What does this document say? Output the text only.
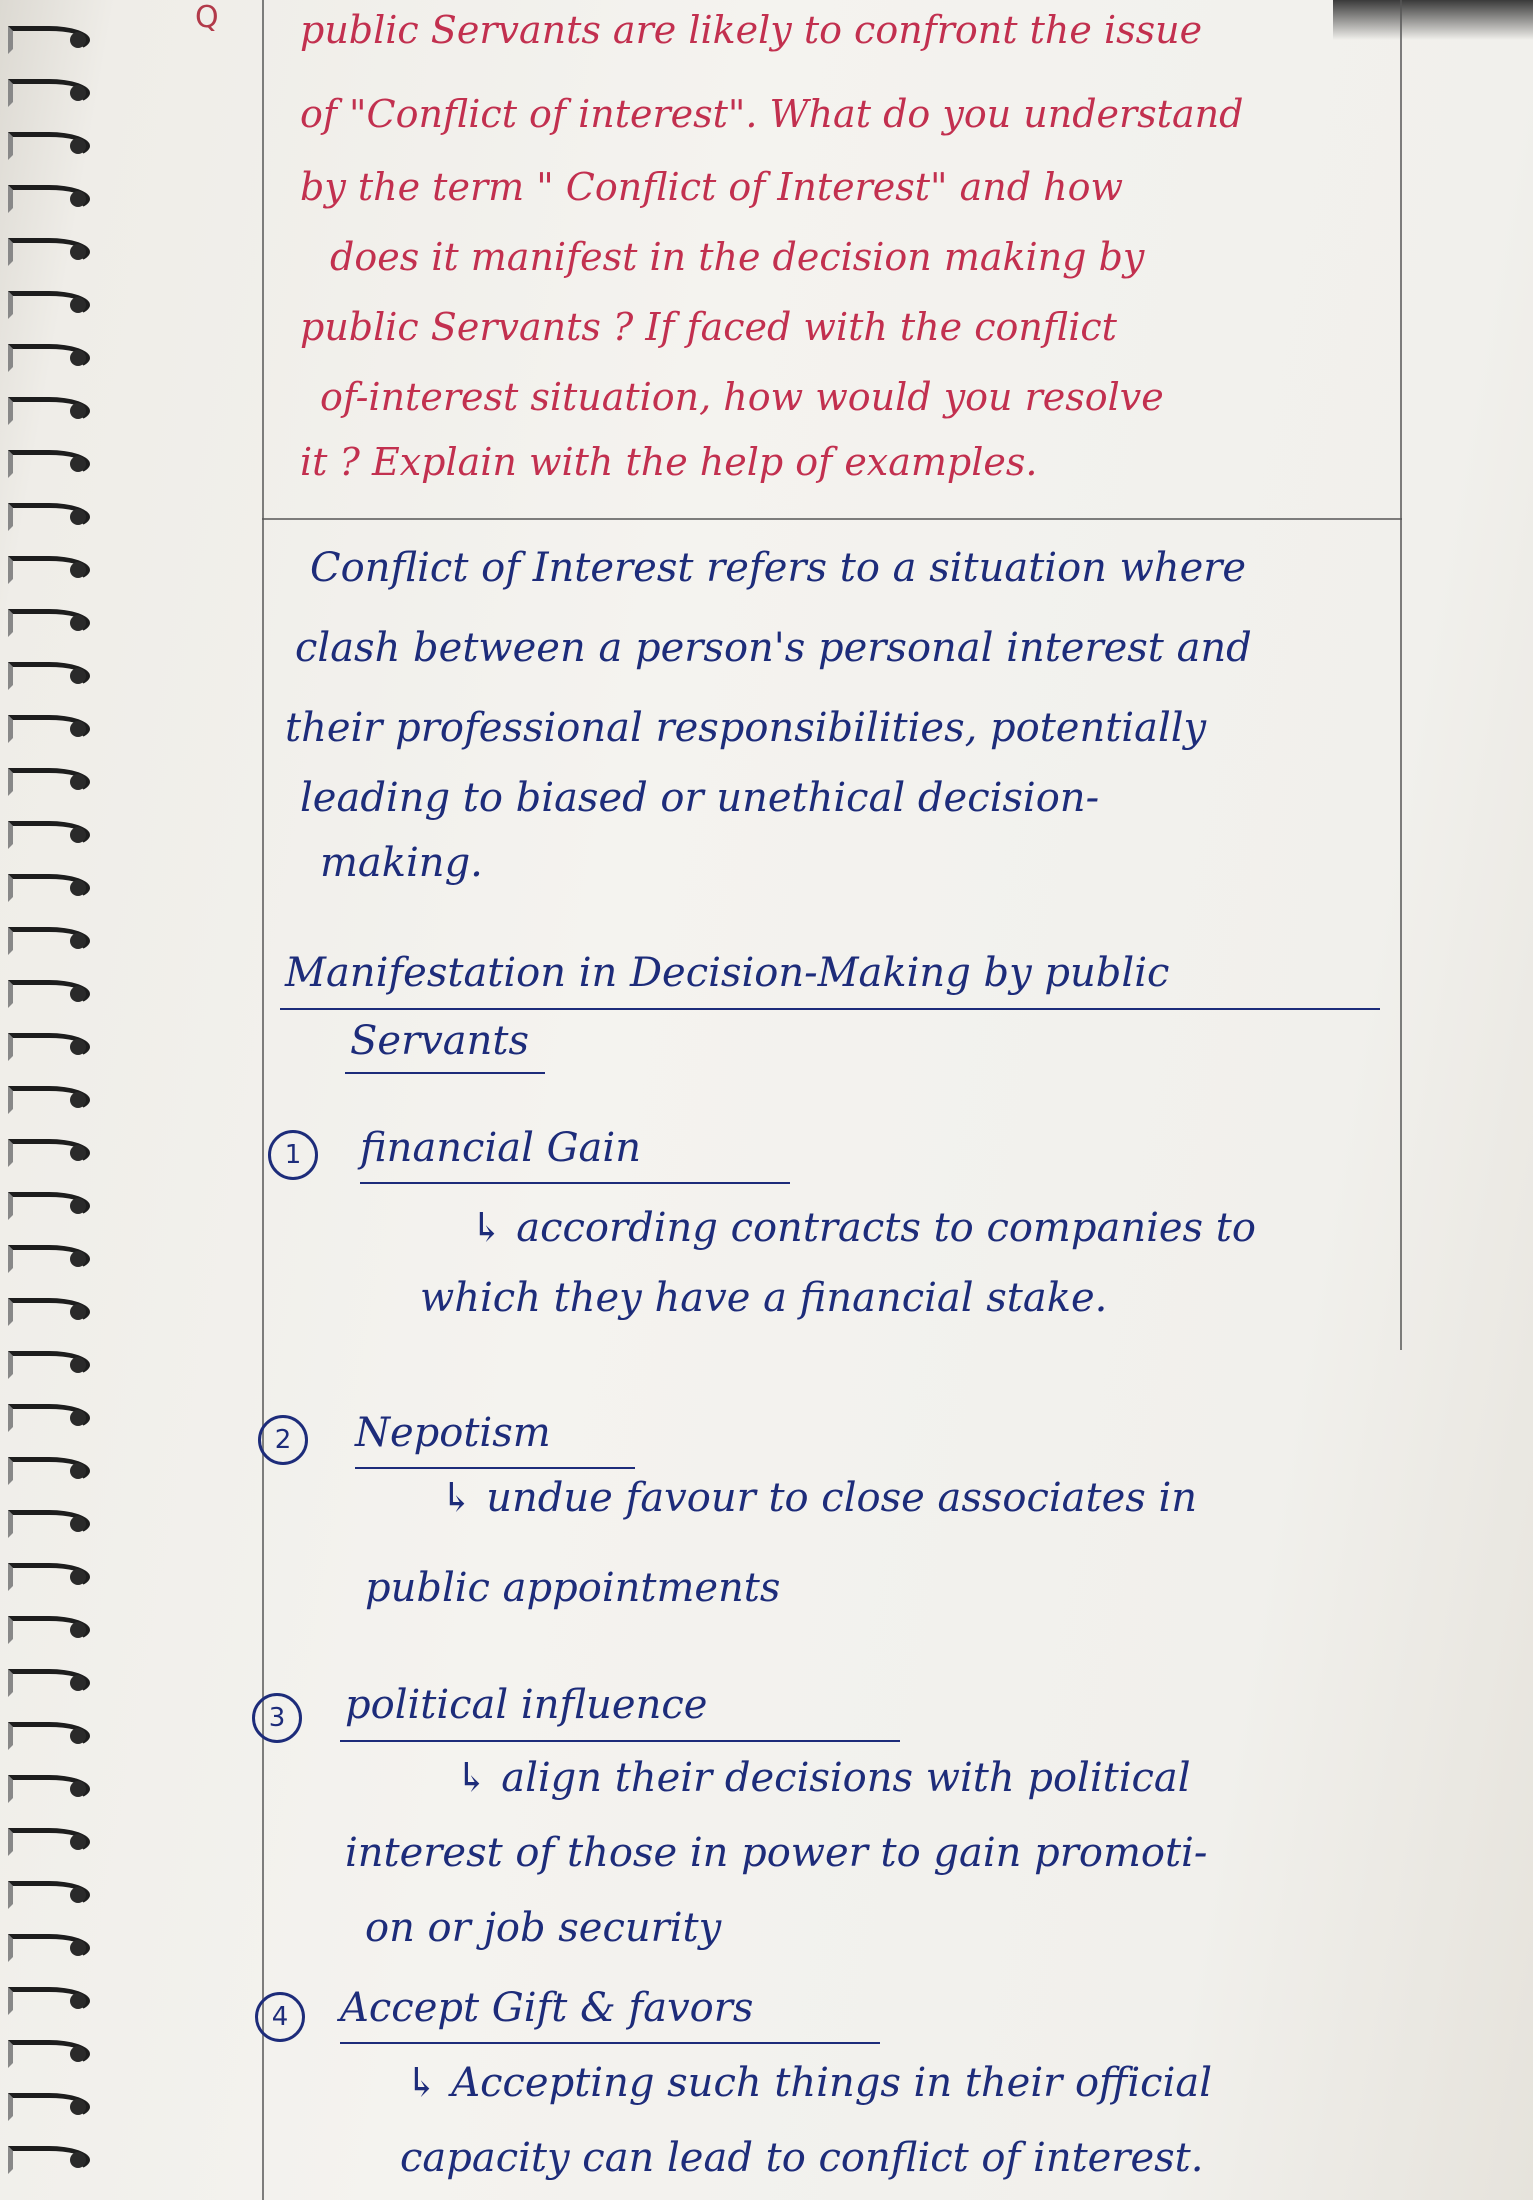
Q public Servants are likely to confront the issue
of "Conflict of interest". What do you understand
by the term " Conflict of Interest" and how
does it manifest in the decision making by
public Servants ? If faced with the conflict
of-interest situation, how would you resolve
it ? Explain with the help of examples.
Conflict of Interest refers to a situation where
clash between a person's personal interest and
their professional responsibilities, potentially
leading to biased or unethical decision-
making.
Manifestation in Decision-Making by public
Servants
1	financial Gain
↳ according contracts to companies to
which they have a financial stake.
2	Nepotism
↳ undue favour to close associates in
public appointments
3	political influence
↳ align their decisions with political
interest of those in power to gain promoti-
on or job security
4	Accept Gift & favors
↳ Accepting such things in their official
capacity can lead to conflict of interest.
